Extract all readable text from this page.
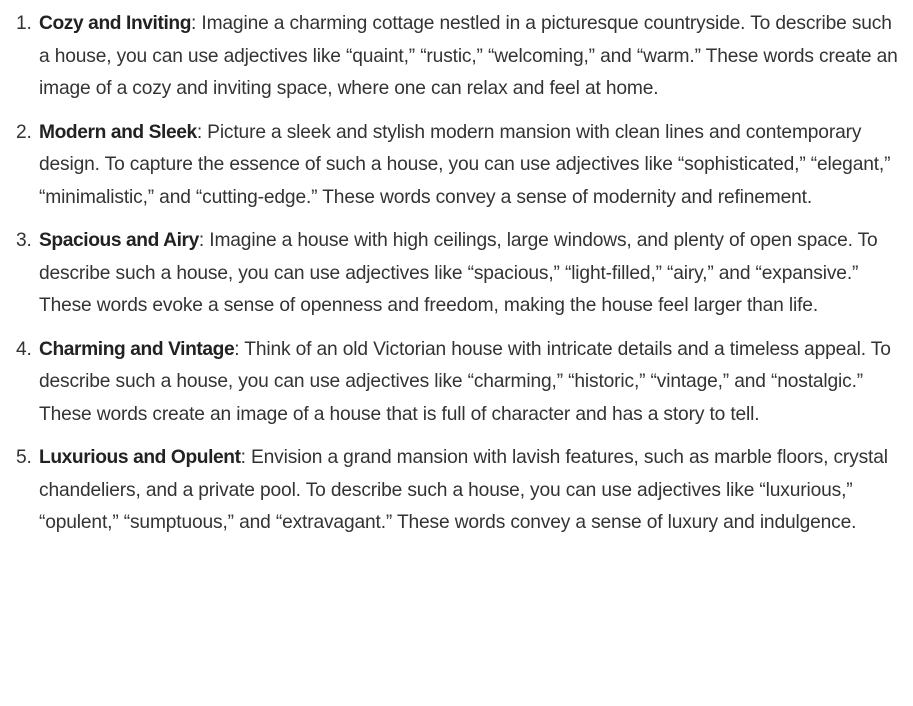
1. Cozy and Inviting: Imagine a charming cottage nestled in a picturesque countryside. To describe such a house, you can use adjectives like “quaint,” “rustic,” “welcoming,” and “warm.” These words create an image of a cozy and inviting space, where one can relax and feel at home.
2. Modern and Sleek: Picture a sleek and stylish modern mansion with clean lines and contemporary design. To capture the essence of such a house, you can use adjectives like “sophisticated,” “elegant,” “minimalistic,” and “cutting-edge.” These words convey a sense of modernity and refinement.
3. Spacious and Airy: Imagine a house with high ceilings, large windows, and plenty of open space. To describe such a house, you can use adjectives like “spacious,” “light-filled,” “airy,” and “expansive.” These words evoke a sense of openness and freedom, making the house feel larger than life.
4. Charming and Vintage: Think of an old Victorian house with intricate details and a timeless appeal. To describe such a house, you can use adjectives like “charming,” “historic,” “vintage,” and “nostalgic.” These words create an image of a house that is full of character and has a story to tell.
5. Luxurious and Opulent: Envision a grand mansion with lavish features, such as marble floors, crystal chandeliers, and a private pool. To describe such a house, you can use adjectives like “luxurious,” “opulent,” “sumptuous,” and “extravagant.” These words convey a sense of luxury and indulgence.
